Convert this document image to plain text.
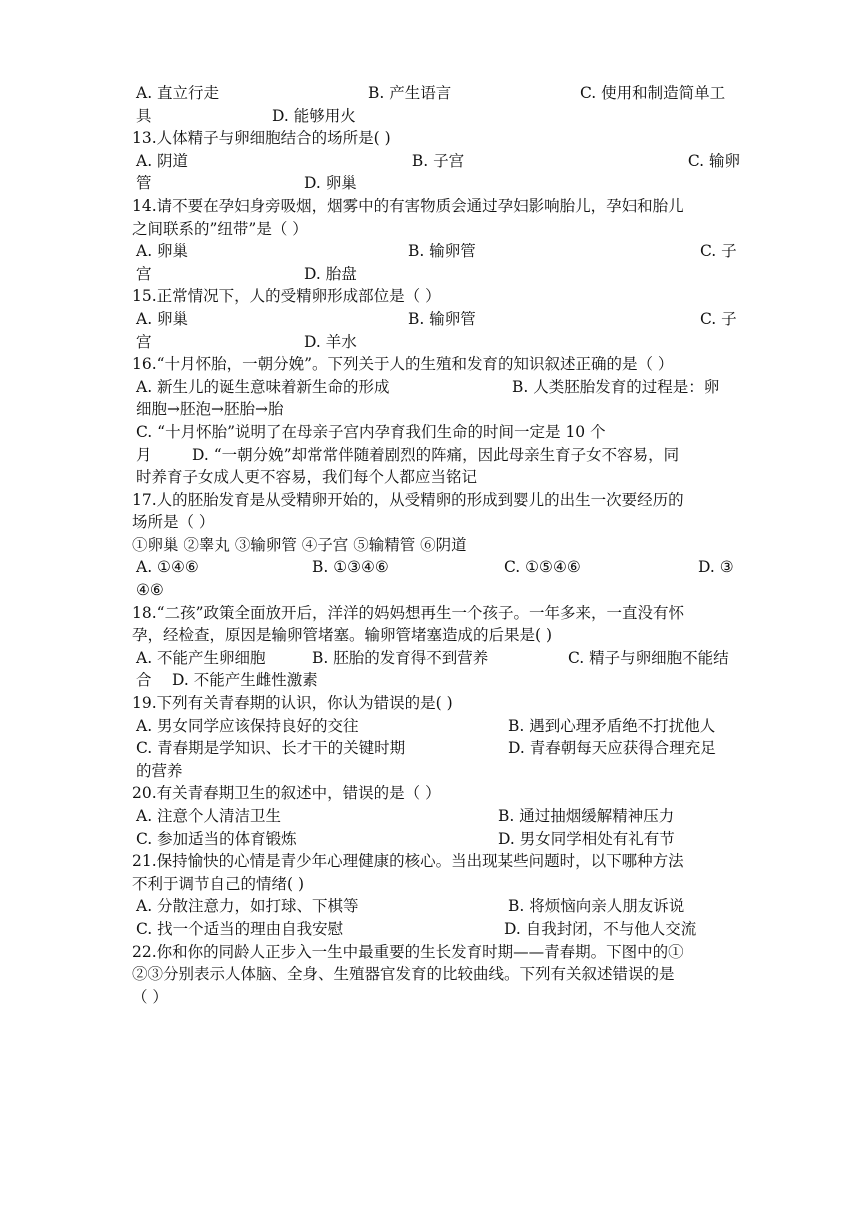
A. 直立行走	B. 产生语言	C. 使用和制造简单工
具	D. 能够用火
13.人体精子与卵细胞结合的场所是( )
A. 阴道	B. 子宫	C. 输卵
管	D. 卵巢
14.请不要在孕妇身旁吸烟，烟雾中的有害物质会通过孕妇影响胎儿，孕妇和胎儿
之间联系的”纽带”是（ ）
A. 卵巢	B. 输卵管	C. 子
宫	D. 胎盘
15.正常情况下，人的受精卵形成部位是（ ）
A. 卵巢	B. 输卵管	C. 子
宫	D. 羊水
16.“十月怀胎，一朝分娩”。下列关于人的生殖和发育的知识叙述正确的是（ ）
A. 新生儿的诞生意味着新生命的形成	B. 人类胚胎发育的过程是：卵
细胞→胚泡→胚胎→胎
C. “十月怀胎”说明了在母亲子宫内孕育我们生命的时间一定是 10 个
月	D. “一朝分娩”却常常伴随着剧烈的阵痛，因此母亲生育子女不容易，同
时养育子女成人更不容易，我们每个人都应当铭记
17.人的胚胎发育是从受精卵开始的，从受精卵的形成到婴儿的出生一次要经历的
场所是（ ）
①卵巢 ②睾丸 ③输卵管 ④子宫 ⑤输精管 ⑥阴道
A. ①④⑥	B. ①③④⑥	C. ①⑤④⑥	D. ③
④⑥
18.“二孩”政策全面放开后，洋洋的妈妈想再生一个孩子。一年多来，一直没有怀
孕，经检查，原因是输卵管堵塞。输卵管堵塞造成的后果是( )
A. 不能产生卵细胞	B. 胚胎的发育得不到营养	C. 精子与卵细胞不能结
合	D. 不能产生雌性激素
19.下列有关青春期的认识，你认为错误的是( )
A. 男女同学应该保持良好的交往	B. 遇到心理矛盾绝不打扰他人
C. 青春期是学知识、长才干的关键时期	D. 青春朝每天应获得合理充足
的营养
20.有关青春期卫生的叙述中，错误的是（ ）
A. 注意个人清洁卫生	B. 通过抽烟缓解精神压力
C. 参加适当的体育锻炼	D. 男女同学相处有礼有节
21.保持愉快的心情是青少年心理健康的核心。当出现某些问题时，以下哪种方法
不利于调节自己的情绪( )
A. 分散注意力，如打球、下棋等	B. 将烦恼向亲人朋友诉说
C. 找一个适当的理由自我安慰	D. 自我封闭，不与他人交流
22.你和你的同龄人正步入一生中最重要的生长发育时期——青春期。下图中的①
②③分别表示人体脑、全身、生殖器官发育的比较曲线。下列有关叙述错误的是
（ ）
